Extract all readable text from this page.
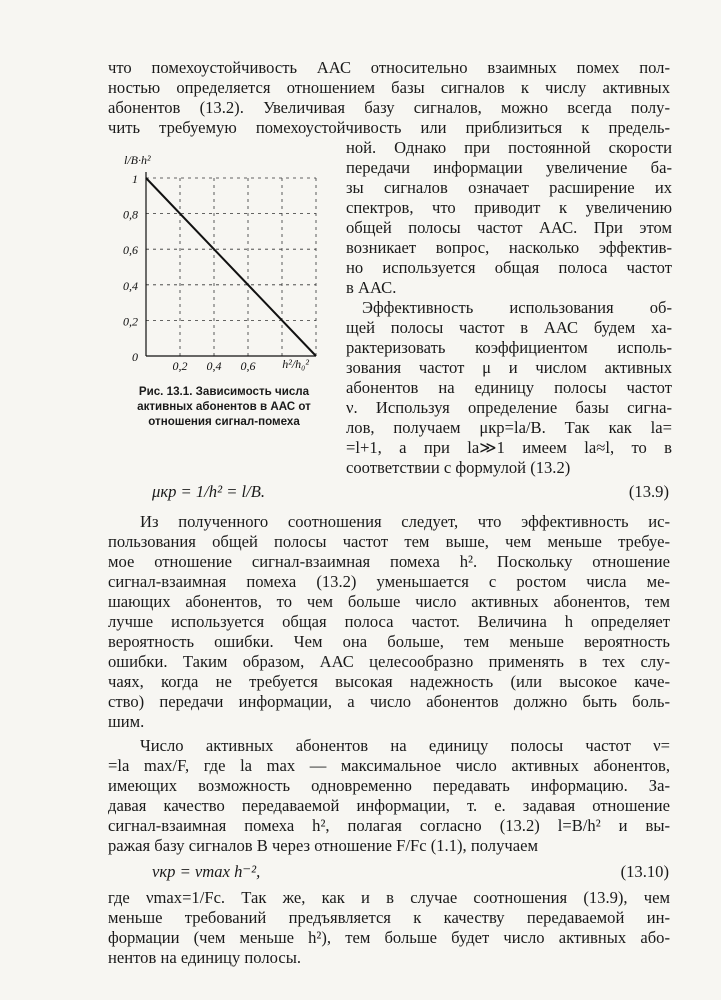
что помехоустойчивость ААС относительно взаимных помех пол-
ностью определяется отношением базы сигналов к числу активных
абонентов (13.2). Увеличивая базу сигналов, можно всегда полу-
чить требуемую помехоустойчивость или приблизиться к предель-
ной. Однако при постоянной скорости
передачи информации увеличение ба-
зы сигналов означает расширение их
спектров, что приводит к увеличению
общей полосы частот ААС. При этом
возникает вопрос, насколько эффектив-
но используется общая полоса частот
в ААС.
Эффективность использования об-
щей полосы частот в ААС будем ха-
рактеризовать коэффициентом исполь-
зования частот μ и числом активных
абонентов на единицу полосы частот
ν. Используя определение базы сигна-
лов, получаем μкр=lа/B. Так как lа=
=l+1, а при lа≫1 имеем lа≈l, то в
соответствии с формулой (13.2)
0
0,2
0,4
0,6
0,8
1
0,2 0,4 0,6 h²/h₀²
l/B·h²
Рис. 13.1. Зависимость числа
активных абонентов в ААС от
отношения сигнал-помеха
μкр = 1/h² = l/B.	(13.9)
Из полученного соотношения следует, что эффективность ис-
пользования общей полосы частот тем выше, чем меньше требуе-
мое отношение сигнал-взаимная помеха h². Поскольку отношение
сигнал-взаимная помеха (13.2) уменьшается с ростом числа ме-
шающих абонентов, то чем больше число активных абонентов, тем
лучше используется общая полоса частот. Величина h определяет
вероятность ошибки. Чем она больше, тем меньше вероятность
ошибки. Таким образом, ААС целесообразно применять в тех слу-
чаях, когда не требуется высокая надежность (или высокое каче-
ство) передачи информации, а число абонентов должно быть боль-
шим.
Число активных абонентов на единицу полосы частот ν=
=lа max/F, где lа max — максимальное число активных абонентов,
имеющих возможность одновременно передавать информацию. За-
давая качество передаваемой информации, т. е. задавая отношение
сигнал-взаимная помеха h², полагая согласно (13.2) l=B/h² и вы-
ражая базу сигналов B через отношение F/Fc (1.1), получаем
νкр = νmax h⁻²,	(13.10)
где νmax=1/Fc. Так же, как и в случае соотношения (13.9), чем
меньше требований предъявляется к качеству передаваемой ин-
формации (чем меньше h²), тем больше будет число активных або-
нентов на единицу полосы.
